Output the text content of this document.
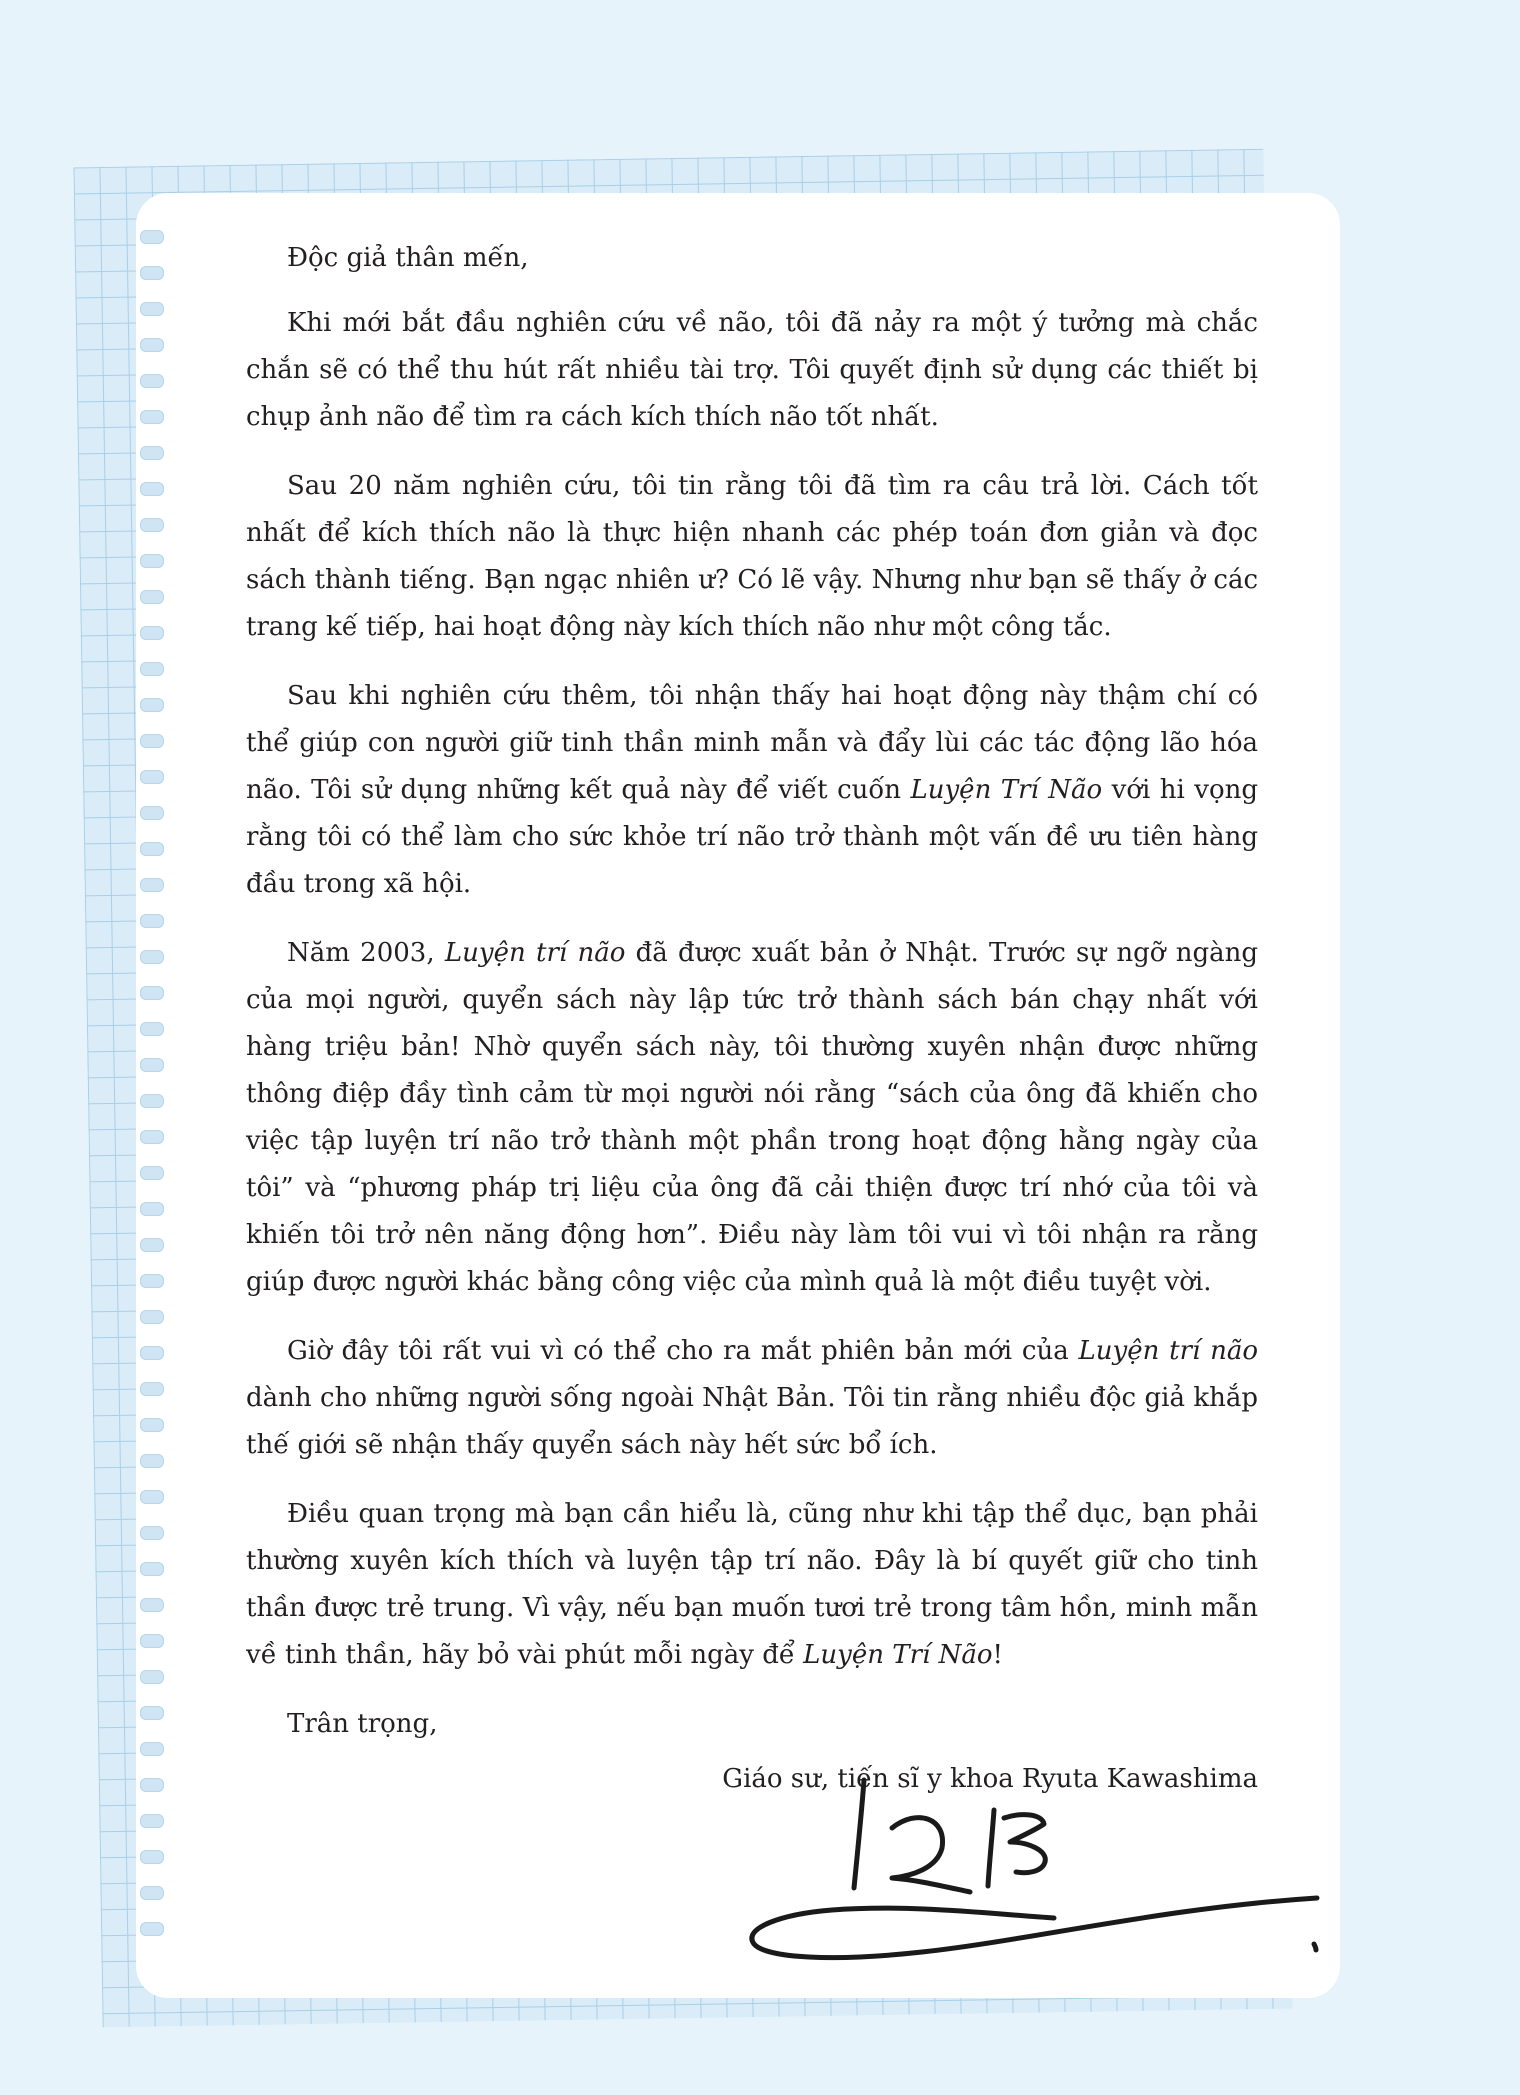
Độc giả thân mến,

Khi mới bắt đầu nghiên cứu về não, tôi đã nảy ra một ý tưởng mà chắc chắn sẽ có thể thu hút rất nhiều tài trợ. Tôi quyết định sử dụng các thiết bị chụp ảnh não để tìm ra cách kích thích não tốt nhất.

Sau 20 năm nghiên cứu, tôi tin rằng tôi đã tìm ra câu trả lời. Cách tốt nhất để kích thích não là thực hiện nhanh các phép toán đơn giản và đọc sách thành tiếng. Bạn ngạc nhiên ư? Có lẽ vậy. Nhưng như bạn sẽ thấy ở các trang kế tiếp, hai hoạt động này kích thích não như một công tắc.

Sau khi nghiên cứu thêm, tôi nhận thấy hai hoạt động này thậm chí có thể giúp con người giữ tinh thần minh mẫn và đẩy lùi các tác động lão hóa não. Tôi sử dụng những kết quả này để viết cuốn Luyện Trí Não với hi vọng rằng tôi có thể làm cho sức khỏe trí não trở thành một vấn đề ưu tiên hàng đầu trong xã hội.

Năm 2003, Luyện trí não đã được xuất bản ở Nhật. Trước sự ngỡ ngàng của mọi người, quyển sách này lập tức trở thành sách bán chạy nhất với hàng triệu bản! Nhờ quyển sách này, tôi thường xuyên nhận được những thông điệp đầy tình cảm từ mọi người nói rằng “sách của ông đã khiến cho việc tập luyện trí não trở thành một phần trong hoạt động hằng ngày của tôi” và “phương pháp trị liệu của ông đã cải thiện được trí nhớ của tôi và khiến tôi trở nên năng động hơn”. Điều này làm tôi vui vì tôi nhận ra rằng giúp được người khác bằng công việc của mình quả là một điều tuyệt vời.

Giờ đây tôi rất vui vì có thể cho ra mắt phiên bản mới của Luyện trí não dành cho những người sống ngoài Nhật Bản. Tôi tin rằng nhiều độc giả khắp thế giới sẽ nhận thấy quyển sách này hết sức bổ ích.

Điều quan trọng mà bạn cần hiểu là, cũng như khi tập thể dục, bạn phải thường xuyên kích thích và luyện tập trí não. Đây là bí quyết giữ cho tinh thần được trẻ trung. Vì vậy, nếu bạn muốn tươi trẻ trong tâm hồn, minh mẫn về tinh thần, hãy bỏ vài phút mỗi ngày để Luyện Trí Não!

Trân trọng,

Giáo sư, tiến sĩ y khoa Ryuta Kawashima
